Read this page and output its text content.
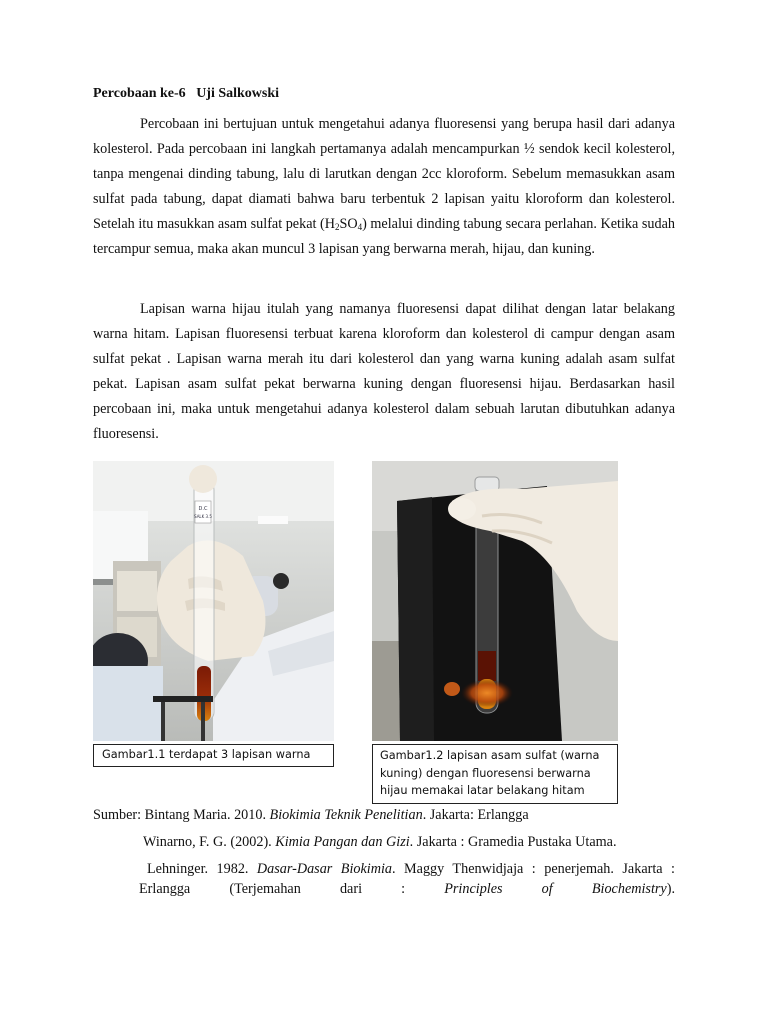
Percobaan ke-6 Uji Salkowski

Percobaan ini bertujuan untuk mengetahui adanya fluoresensi yang berupa hasil dari adanya kolesterol. Pada percobaan ini langkah pertamanya adalah mencampurkan ½ sendok kecil kolesterol, tanpa mengenai dinding tabung, lalu di larutkan dengan 2cc kloroform. Sebelum memasukkan asam sulfat pada tabung, dapat diamati bahwa baru terbentuk 2 lapisan yaitu kloroform dan kolesterol. Setelah itu masukkan asam sulfat pekat $(H_2SO_4)$ melalui dinding tabung secara perlahan. Ketika sudah tercampur semua, maka akan muncul 3 lapisan yang berwarna merah, hijau, dan kuning.

Lapisan warna hijau itulah yang namanya fluoresensi dapat dilihat dengan latar belakang warna hitam. Lapisan fluoresensi terbuat karena kloroform dan kolesterol di campur dengan asam sulfat pekat . Lapisan warna merah itu dari kolesterol dan yang warna kuning adalah asam sulfat pekat. Lapisan asam sulfat pekat berwarna kuning dengan fluoresensi hijau. Berdasarkan hasil percobaan ini, maka untuk mengetahui adanya kolesterol dalam sebuah larutan dibutuhkan adanya fluoresensi.

D.C
SALK 3.5
Gambar1.1 terdapat 3 lapisan warna	Gambar1.2 lapisan asam sulfat (warna kuning) dengan fluoresensi berwarna hijau memakai latar belakang hitam
Sumber: Bintang Maria. 2010. Biokimia Teknik Penelitian. Jakarta: Erlangga
Winarno, F. G. (2002). Kimia Pangan dan Gizi. Jakarta : Gramedia Pustaka Utama.
Lehninger. 1982. Dasar-Dasar Biokimia. Maggy Thenwidjaja : penerjemah. Jakarta : Erlangga (Terjemahan dari : Principles of Biochemistry).
